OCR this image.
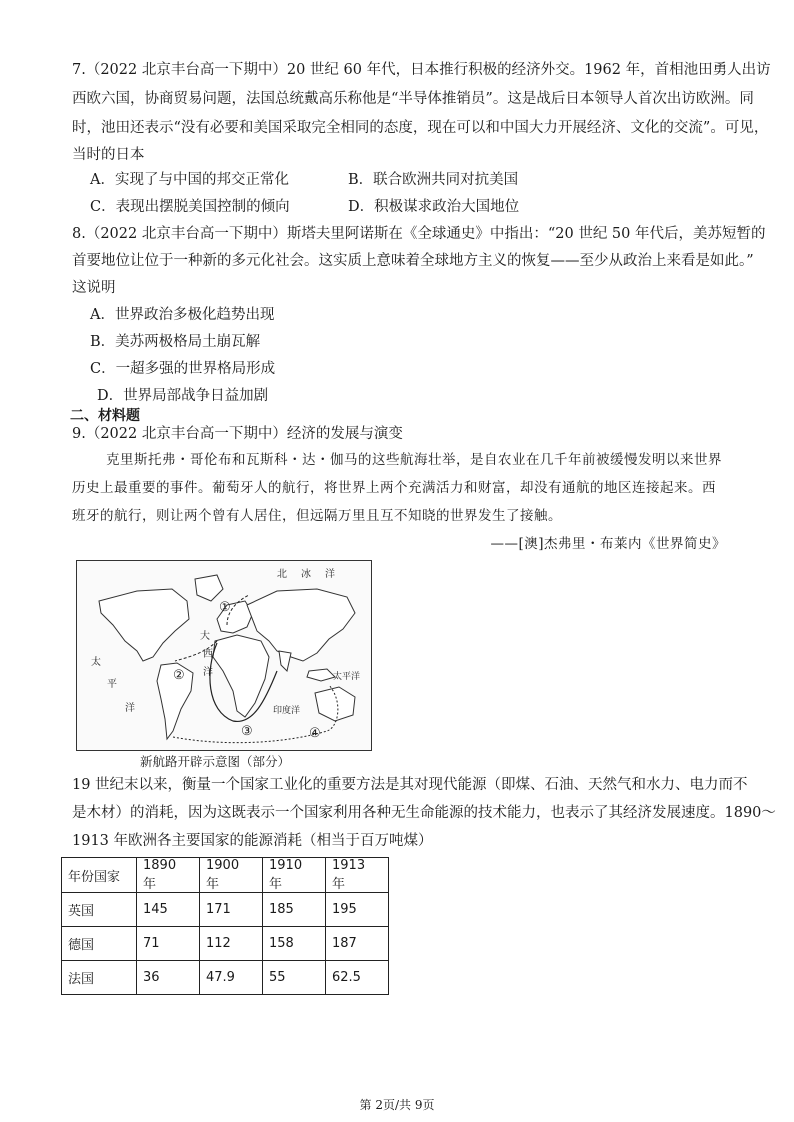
7.（2022 北京丰台高一下期中）20 世纪 60 年代，日本推行积极的经济外交。1962 年，首相池田勇人出访
西欧六国，协商贸易问题，法国总统戴高乐称他是“半导体推销员”。这是战后日本领导人首次出访欧洲。同
时，池田还表示“没有必要和美国采取完全相同的态度，现在可以和中国大力开展经济、文化的交流”。可见，
当时的日本
A．实现了与中国的邦交正常化	B．联合欧洲共同对抗美国
C．表现出摆脱美国控制的倾向	D．积极谋求政治大国地位
8.（2022 北京丰台高一下期中）斯塔夫里阿诺斯在《全球通史》中指出：“20 世纪 50 年代后，美苏短暂的
首要地位让位于一种新的多元化社会。这实质上意味着全球地方主义的恢复——至少从政治上来看是如此。”
这说明
A．世界政治多极化趋势出现
B．美苏两极格局土崩瓦解
C．一超多强的世界格局形成
D．世界局部战争日益加剧
二、材料题
9.（2022 北京丰台高一下期中）经济的发展与演变
克里斯托弗・哥伦布和瓦斯科・达・伽马的这些航海壮举，是自农业在几千年前被缓慢发明以来世界
历史上最重要的事件。葡萄牙人的航行，将世界上两个充满活力和财富，却没有通航的地区连接起来。西
班牙的航行，则让两个曾有人居住，但远隔万里且互不知晓的世界发生了接触。
——[澳]杰弗里・布莱内《世界简史》
北 冰 洋
大
西
洋
太
平
洋
太平洋
印度洋
①
②
③	④
新航路开辟示意图（部分）
19 世纪末以来，衡量一个国家工业化的重要方法是其对现代能源（即煤、石油、天然气和水力、电力而不
是木材）的消耗，因为这既表示一个国家利用各种无生命能源的技术能力，也表示了其经济发展速度。1890～
1913 年欧洲各主要国家的能源消耗（相当于百万吨煤）
年份国家	1890 年	1900 年	1910 年	1913 年
英国	145	171	185	195
德国	71	112	158	187
法国	36	47.9	55	62.5
第 2页/共 9页
